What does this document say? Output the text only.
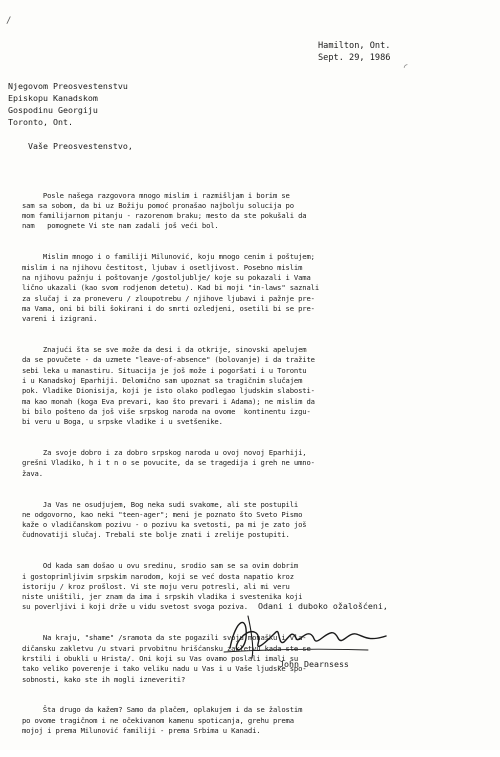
/
◜
Hamilton, Ont.
Sept. 29, 1986
Njegovom Preosvestenstvu
Episkopu Kanadskom
Gospodinu Georgiju
Toronto, Ont.
Vaše Preosvestenstvo,

Posle našega razgovora mnogo mislim i razmišljam i borim se
sam sa sobom, da bi uz Božiju pomoć pronašao najbolju solucija po
mom familijarnom pitanju - razorenom braku; mesto da ste pokušali da
nam   pomognete Vi ste nam zadali još veći bol.

Mislim mnogo i o familiji Milunović, koju mnogo cenim i poštujem;
mislim i na njihovu čestitost, ljubav i osetljivost. Posebno mislim
na njihovu pažnju i poštovanje /gostoljublje/ koje su pokazali i Vama
lično ukazali (kao svom rodjenom detetu). Kad bi moji "in-laws" saznali
za slučaj i za proneveru / zloupotrebu / njihove ljubavi i pažnje pre-
ma Vama, oni bi bili šokirani i do smrti ozledjeni, osetili bi se pre-
vareni i izigrani.

Znajući šta se sve može da desi i da otkrije, sinovski apelujem
da se povučete - da uzmete "leave-of-absence" (bolovanje) i da tražite
sebi leka u manastiru. Situacija je još može i pogoršati i u Torontu
i u Kanadskoj Eparhiji. Delomično sam upoznat sa tragičnim slučajem
pok. Vladike Dionisija, koji je isto olako podlegao ljudskim slabosti-
ma kao monah (koga Eva prevari, kao što prevari i Adama); ne mislim da
bi bilo pošteno da još više srpskog naroda na ovome  kontinentu izgu-
bi veru u Boga, u srpske vladike i u svetšenike.

Za svoje dobro i za dobro srpskog naroda u ovoj novoj Eparhiji,
grešni Vladiko, h i t n o se povucite, da se tragedija i greh ne umno-
žava.

Ja Vas ne osudjujem, Bog neka sudi svakome, ali ste postupili
ne odgovorno, kao neki "teen-ager"; meni je poznato što Sveto Pismo
kaže o vladičanskom pozivu - o pozivu ka svetosti, pa mi je zato još
čudnovatiji slučaj. Trebali ste bolje znati i zrelije postupiti.

Od kada sam došao u ovu sredinu, srodio sam se sa ovim dobrim
i gostoprimljivim srpskim narodom, koji se već dosta napatio kroz
istoriju / kroz prošlost. Vi ste moju veru potresli, ali mi veru
niste uništili, jer znam da ima i srpskih vladika i svestenika koji
su poverljivi i koji drže u vidu svetost svoga poziva.

Na kraju, "shame" /sramota da ste pogazili svoju monašku i vla-
dičansku zakletvu /u stvari prvobitnu hrišćansku zakletvu kada ste se
krstili i obukli u Hrista/. Oni koji su Vas ovamo poslali imali su
tako veliko poverenje i tako veliku nadu u Vas i u Vaše ljudske spo-
sobnosti, kako ste ih mogli izneveriti?

Šta drugo da kažem? Samo da plačem, oplakujem i da se žalostim
po ovome tragičnom i ne očekivanom kamenu spoticanja, grehu prema
mojoj i prema Milunović familiji - prema Srbima u Kanadi.

Odani i duboko ožalošćeni,
John Dearnsess
